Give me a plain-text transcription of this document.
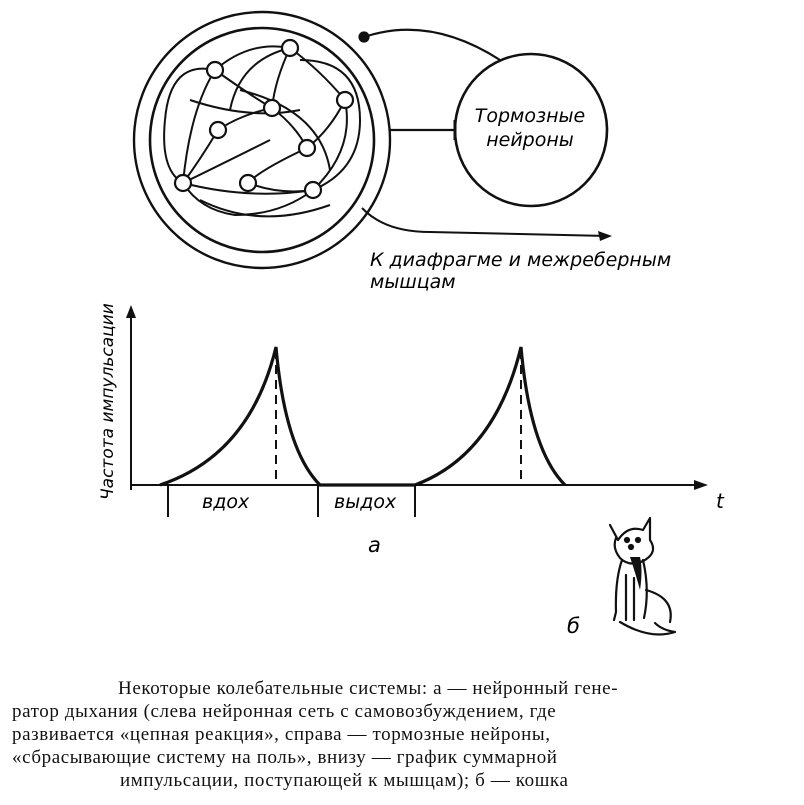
Тормозные
нейроны
К диафрагме и межреберным
мышцам
Частота импульсации
t
вдох	выдох
а
б
Некоторые колебательные системы: а — нейронный гене-
ратор дыхания (слева нейронная сеть с самовозбуждением, где
развивается «цепная реакция», справа — тормозные нейроны,
«сбрасывающие систему на поль», внизу — график суммарной
импульсации, поступающей к мышцам); б — кошка
